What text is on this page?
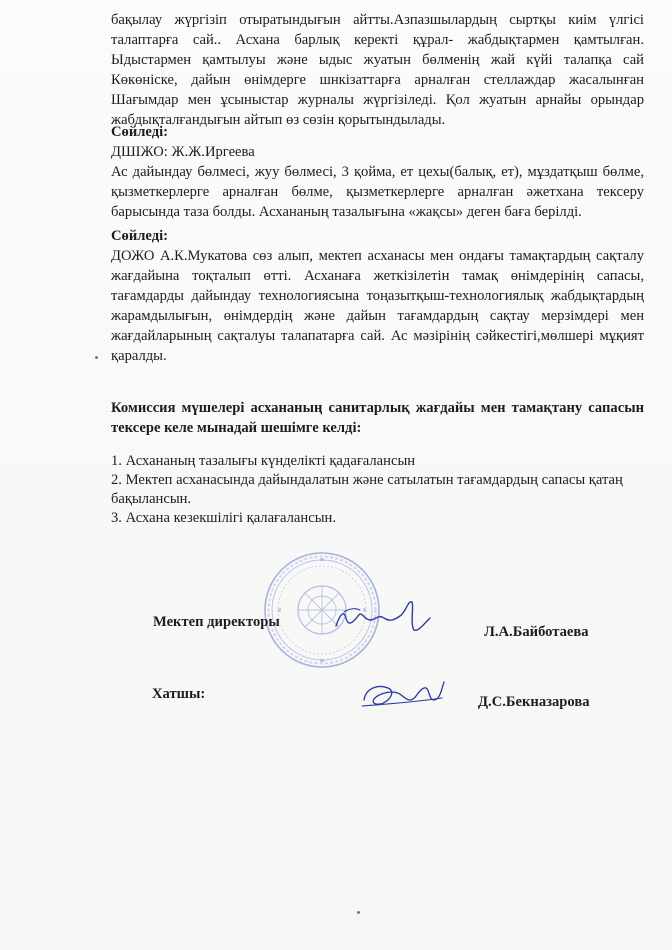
бақылау жүргізіп отыратындығын айтты.Азпазшылардың сыртқы киім үлгісі талаптарға сай.. Асхана барлық керекті құрал- жабдықтармен қамтылған. Ыдыстармен қамтылуы және ыдыс жуатын бөлменің жай күйі талапқа сай Көкөніске, дайын өнімдерге шнкізаттарға арналған стеллаждар жасалынған Шағымдар мен ұсыныстар журналы жүргізіледі. Қол жуатын арнайы орындар жабдықталғандығын айтып өз сөзін қорытындылады.

Сөйледі:

ДШІЖО: Ж.Ж.Иргеева

Ас дайындау бөлмесі, жуу бөлмесі, 3 қойма, ет цехы(балық, ет), мұздатқыш бөлме, қызметкерлерге арналған бөлме, қызметкерлерге арналған әжетхана тексеру барысында таза болды. Асхананың тазалығына «жақсы» деген баға берілді.

Сөйледі:

ДОЖО А.К.Мукатова сөз алып, мектеп асханасы мен ондағы тамақтардың сақталу жағдайына тоқталып өтті. Асханаға жеткізілетін тамақ өнімдерінің сапасы, тағамдарды дайындау технологиясына тоңазытқыш-технологиялық жабдықтардың жарамдылығын, өнімдердің және дайын тағамдардың сақтау мерзімдері мен жағдайларының сақталуы талапатарға сай. Ас мәзірінің сәйкестігі,мөлшері мұқият қаралды.

Комиссия мүшелері асхананың санитарлық жағдайы мен тамақтану сапасын тексере келе мынадай шешімге келді:
1. Асхананың тазалығы күнделікті қадағалансын
2. Мектеп асханасында дайындалатын және сатылатын тағамдардың сапасы қатаң бақылансын.
3. Асхана кезекшілігі қалағалансын.
Мектеп директоры
Л.А.Байботаева
Хатшы:	Д.С.Бекназарова
